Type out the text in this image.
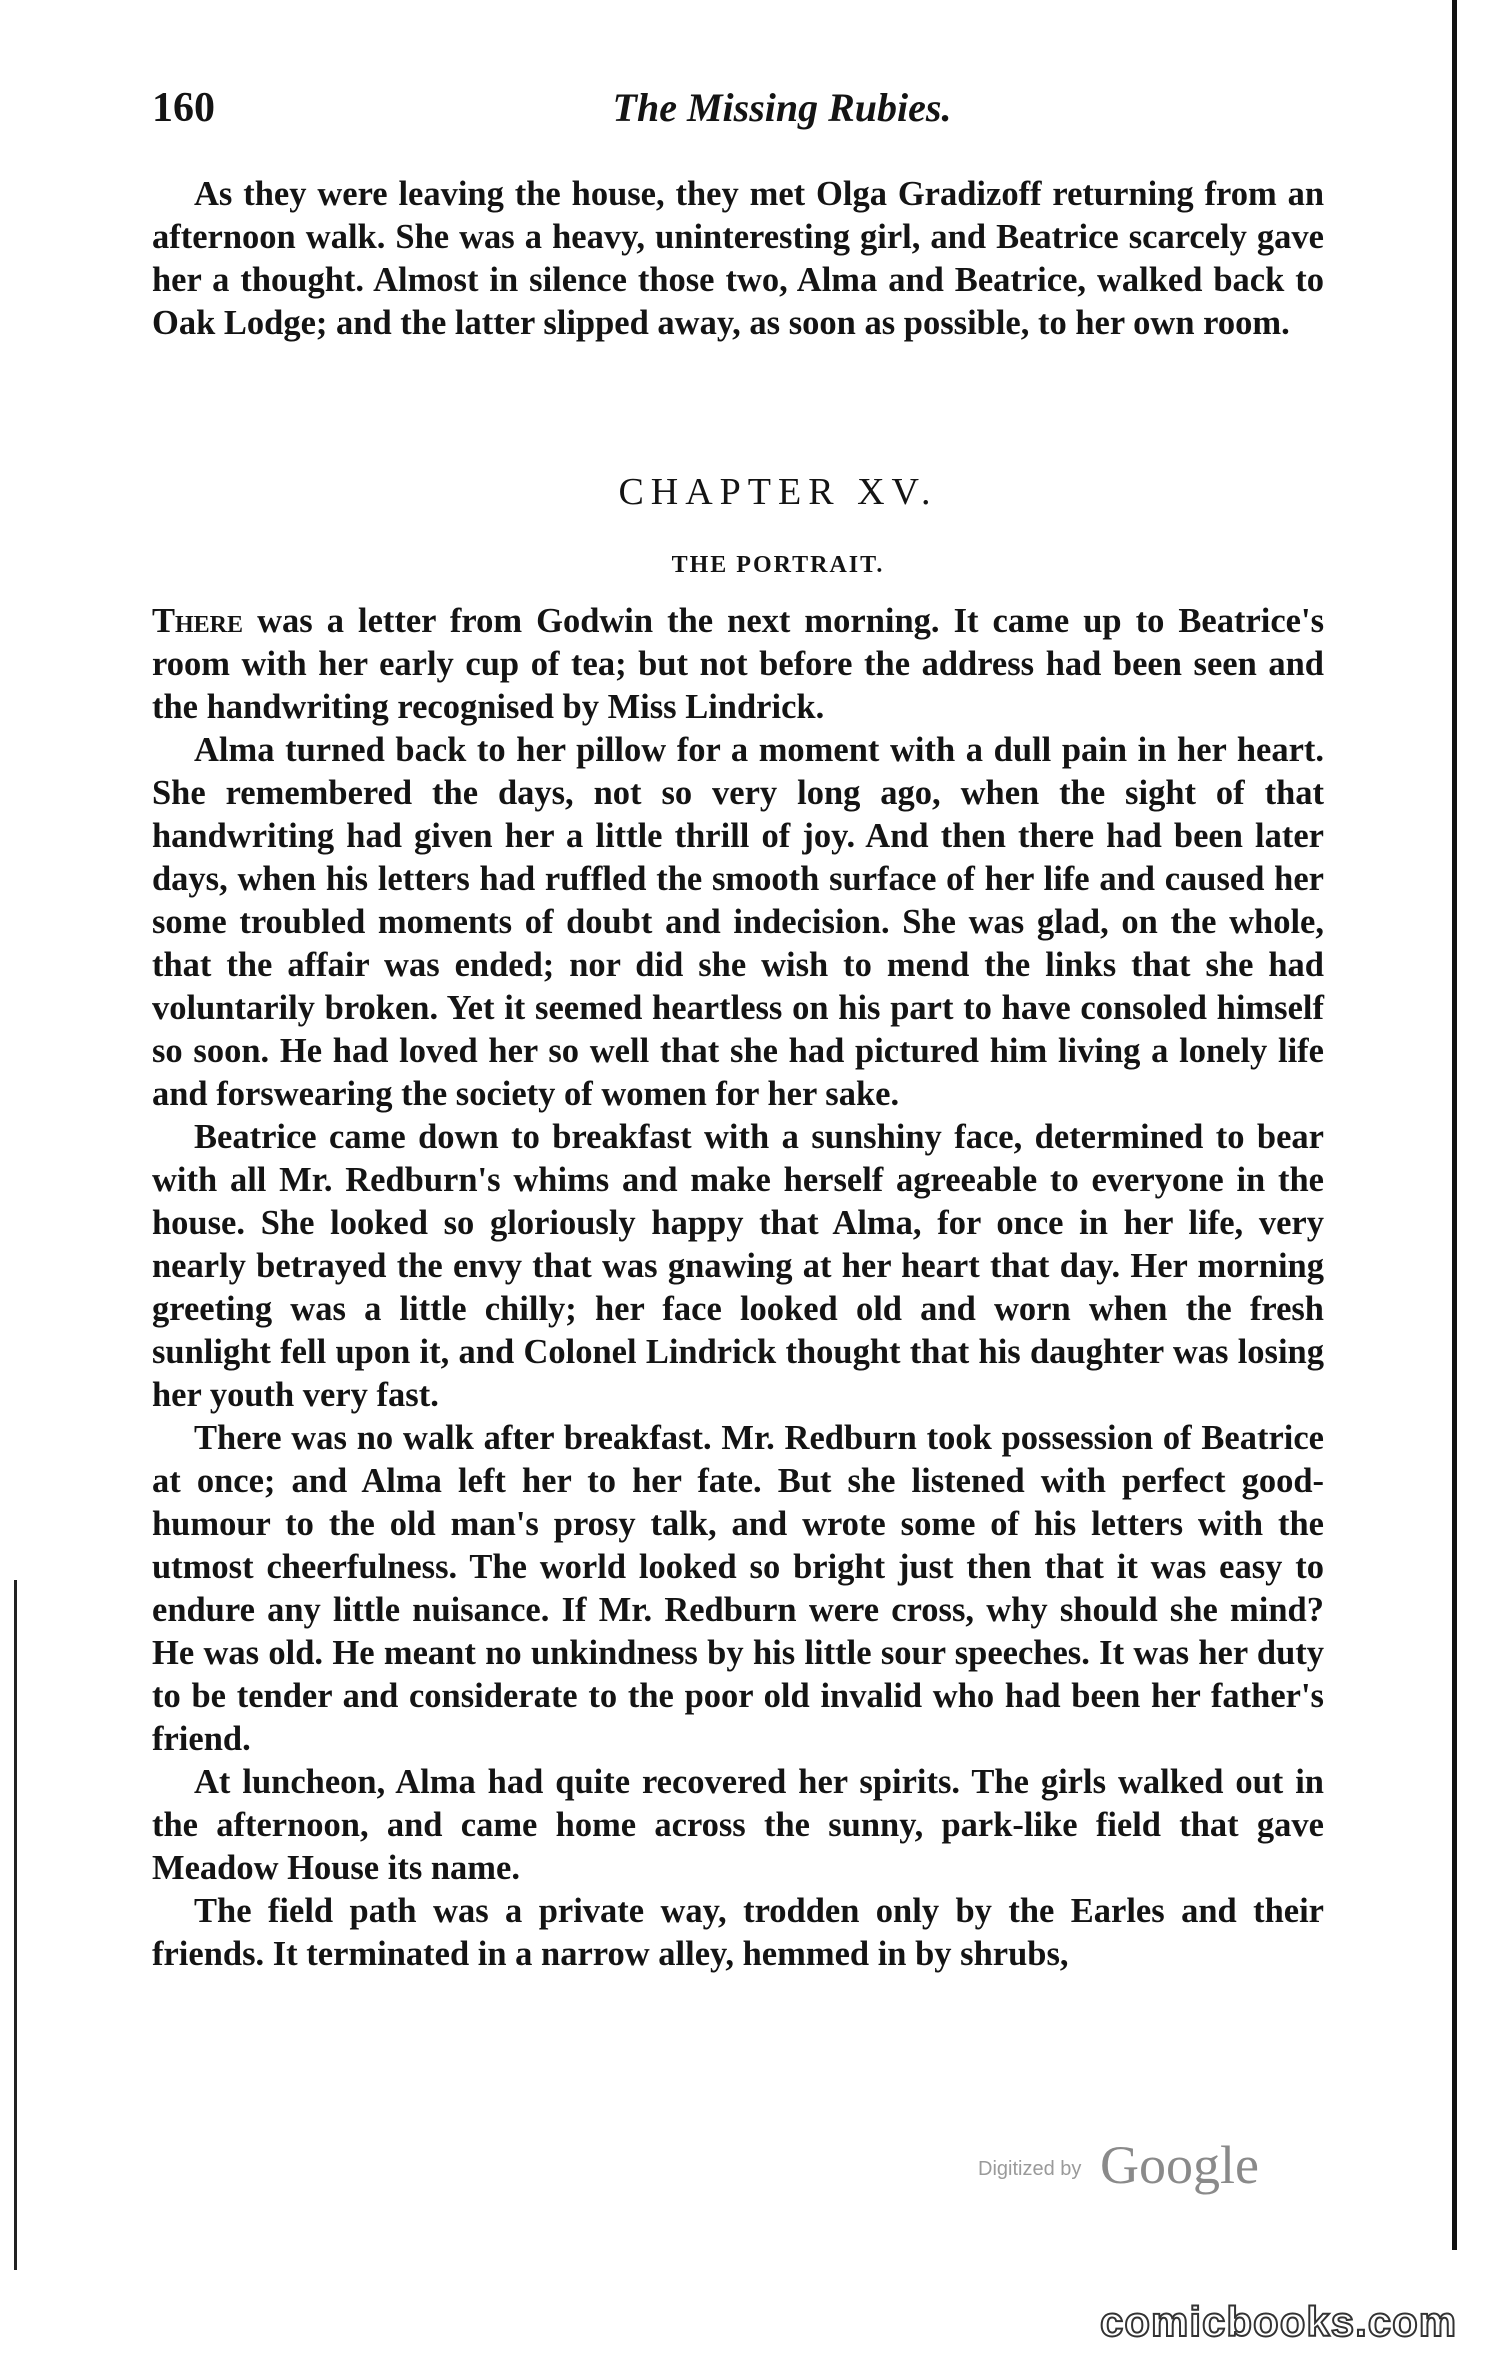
160	The Missing Rubies.

As they were leaving the house, they met Olga Gradizoff returning from an afternoon walk. She was a heavy, uninteresting girl, and Beatrice scarcely gave her a thought. Almost in silence those two, Alma and Beatrice, walked back to Oak Lodge; and the latter slipped away, as soon as possible, to her own room.

CHAPTER XV.
THE PORTRAIT.

There was a letter from Godwin the next morning. It came up to Beatrice's room with her early cup of tea; but not before the address had been seen and the handwriting recognised by Miss Lindrick.

Alma turned back to her pillow for a moment with a dull pain in her heart. She remembered the days, not so very long ago, when the sight of that handwriting had given her a little thrill of joy. And then there had been later days, when his letters had ruffled the smooth surface of her life and caused her some troubled moments of doubt and indecision. She was glad, on the whole, that the affair was ended; nor did she wish to mend the links that she had voluntarily broken. Yet it seemed heartless on his part to have consoled himself so soon. He had loved her so well that she had pictured him living a lonely life and forswearing the society of women for her sake.

Beatrice came down to breakfast with a sunshiny face, determined to bear with all Mr. Redburn's whims and make herself agreeable to everyone in the house. She looked so gloriously happy that Alma, for once in her life, very nearly betrayed the envy that was gnawing at her heart that day. Her morning greeting was a little chilly; her face looked old and worn when the fresh sunlight fell upon it, and Colonel Lindrick thought that his daughter was losing her youth very fast.

There was no walk after breakfast. Mr. Redburn took possession of Beatrice at once; and Alma left her to her fate. But she listened with perfect good-humour to the old man's prosy talk, and wrote some of his letters with the utmost cheerfulness. The world looked so bright just then that it was easy to endure any little nuisance. If Mr. Redburn were cross, why should she mind? He was old. He meant no unkindness by his little sour speeches. It was her duty to be tender and considerate to the poor old invalid who had been her father's friend.

At luncheon, Alma had quite recovered her spirits. The girls walked out in the afternoon, and came home across the sunny, park-like field that gave Meadow House its name.

The field path was a private way, trodden only by the Earles and their friends. It terminated in a narrow alley, hemmed in by shrubs,

Digitized by Google
comicbooks.com
